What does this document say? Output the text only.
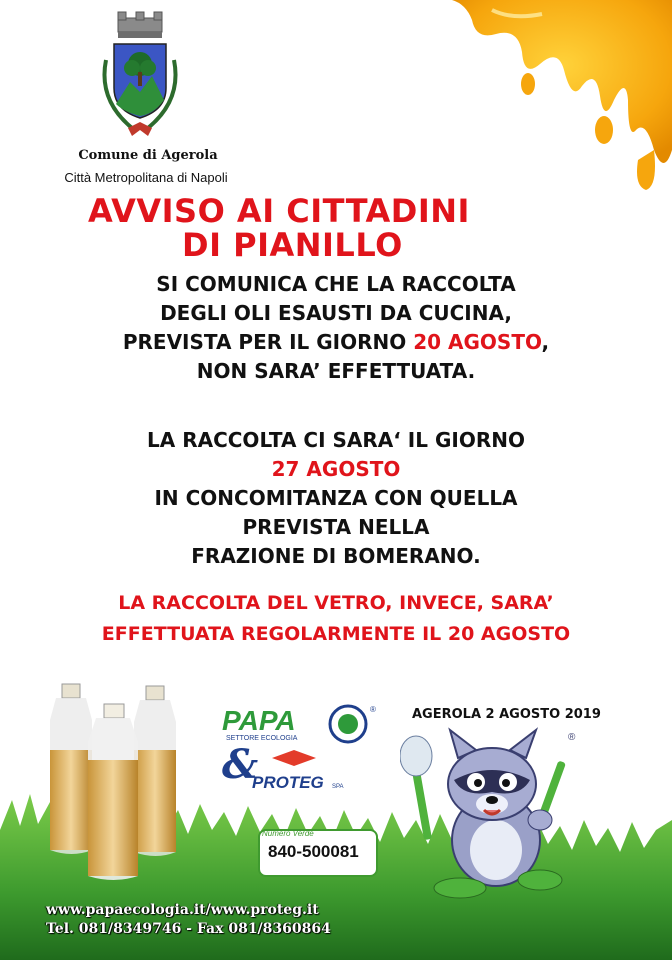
Comune di Agerola
Città Metropolitana di Napoli
AVVISO AI CITTADINI
DI PIANILLO
SI COMUNICA CHE LA RACCOLTA
DEGLI OLI ESAUSTI DA CUCINA,
PREVISTA PER IL GIORNO 20 AGOSTO,
NON SARA’ EFFETTUATA.
LA RACCOLTA CI SARA‘ IL GIORNO
27 AGOSTO
IN CONCOMITANZA CON QUELLA
PREVISTA NELLA
FRAZIONE DI BOMERANO.
LA RACCOLTA DEL VETRO, INVECE, SARA’
EFFETTUATA REGOLARMENTE IL 20 AGOSTO
PAPA
SETTORE ECOLOGIA
®
&
PROTEG SPA
AGEROLA 2 AGOSTO 2019
Numero Verde
840-500081
®
www.papaecologia.it/www.proteg.it
Tel. 081/8349746 - Fax 081/8360864
